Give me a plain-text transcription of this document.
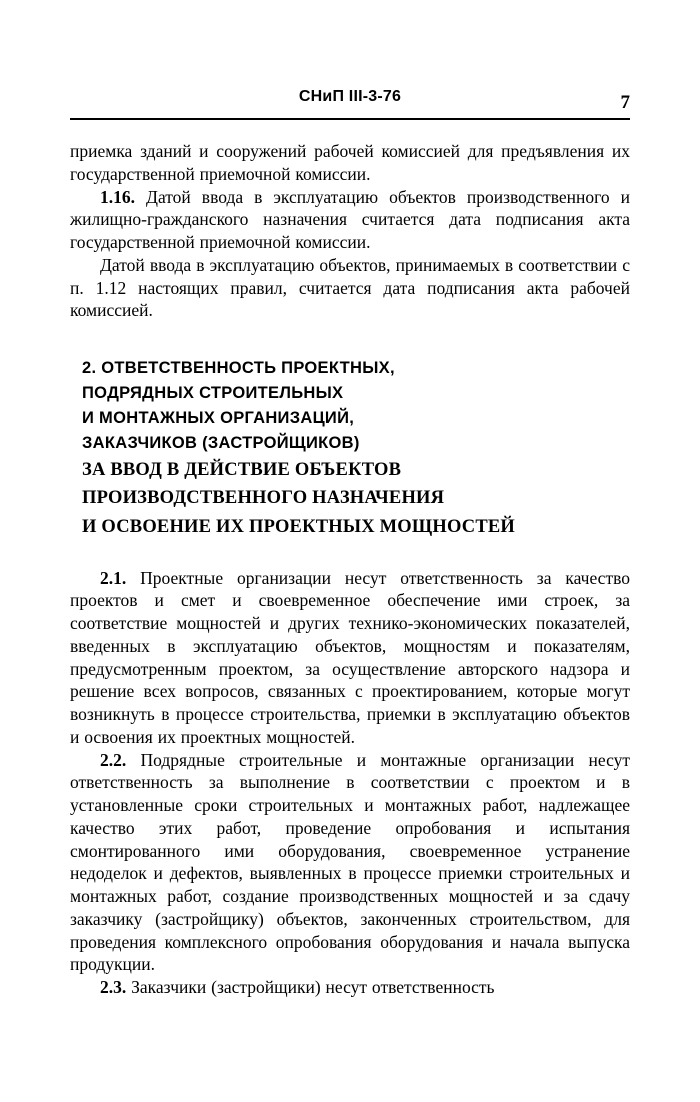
СНиП III-3-76	7

приемка зданий и сооружений рабочей комиссией для предъявления их государственной приемочной комиссии.

1.16. Датой ввода в эксплуатацию объектов производственного и жилищно-гражданского назначения считается дата подписания акта государственной приемочной комиссии.

Датой ввода в эксплуатацию объектов, принимаемых в соответствии с п. 1.12 настоящих правил, считается дата подписания акта рабочей комиссией.

2. ОТВЕТСТВЕННОСТЬ ПРОЕКТНЫХ,
ПОДРЯДНЫХ СТРОИТЕЛЬНЫХ
И МОНТАЖНЫХ ОРГАНИЗАЦИЙ,
ЗАКАЗЧИКОВ (ЗАСТРОЙЩИКОВ)
ЗА ВВОД В ДЕЙСТВИЕ ОБЪЕКТОВ
ПРОИЗВОДСТВЕННОГО НАЗНАЧЕНИЯ
И ОСВОЕНИЕ ИХ ПРОЕКТНЫХ МОЩНОСТЕЙ

2.1. Проектные организации несут ответственность за качество проектов и смет и своевременное обеспечение ими строек, за соответствие мощностей и других технико-экономических показателей, введенных в эксплуатацию объектов, мощностям и показателям, предусмотренным проектом, за осуществление авторского надзора и решение всех вопросов, связанных с проектированием, которые могут возникнуть в процессе строительства, приемки в эксплуатацию объектов и освоения их проектных мощностей.

2.2. Подрядные строительные и монтажные организации несут ответственность за выполнение в соответствии с проектом и в установленные сроки строительных и монтажных работ, надлежащее качество этих работ, проведение опробования и испытания смонтированного ими оборудования, своевременное устранение недоделок и дефектов, выявленных в процессе приемки строительных и монтажных работ, создание производственных мощностей и за сдачу заказчику (застройщику) объектов, законченных строительством, для проведения комплексного опробования оборудования и начала выпуска продукции.

2.3. Заказчики (застройщики) несут ответственность
